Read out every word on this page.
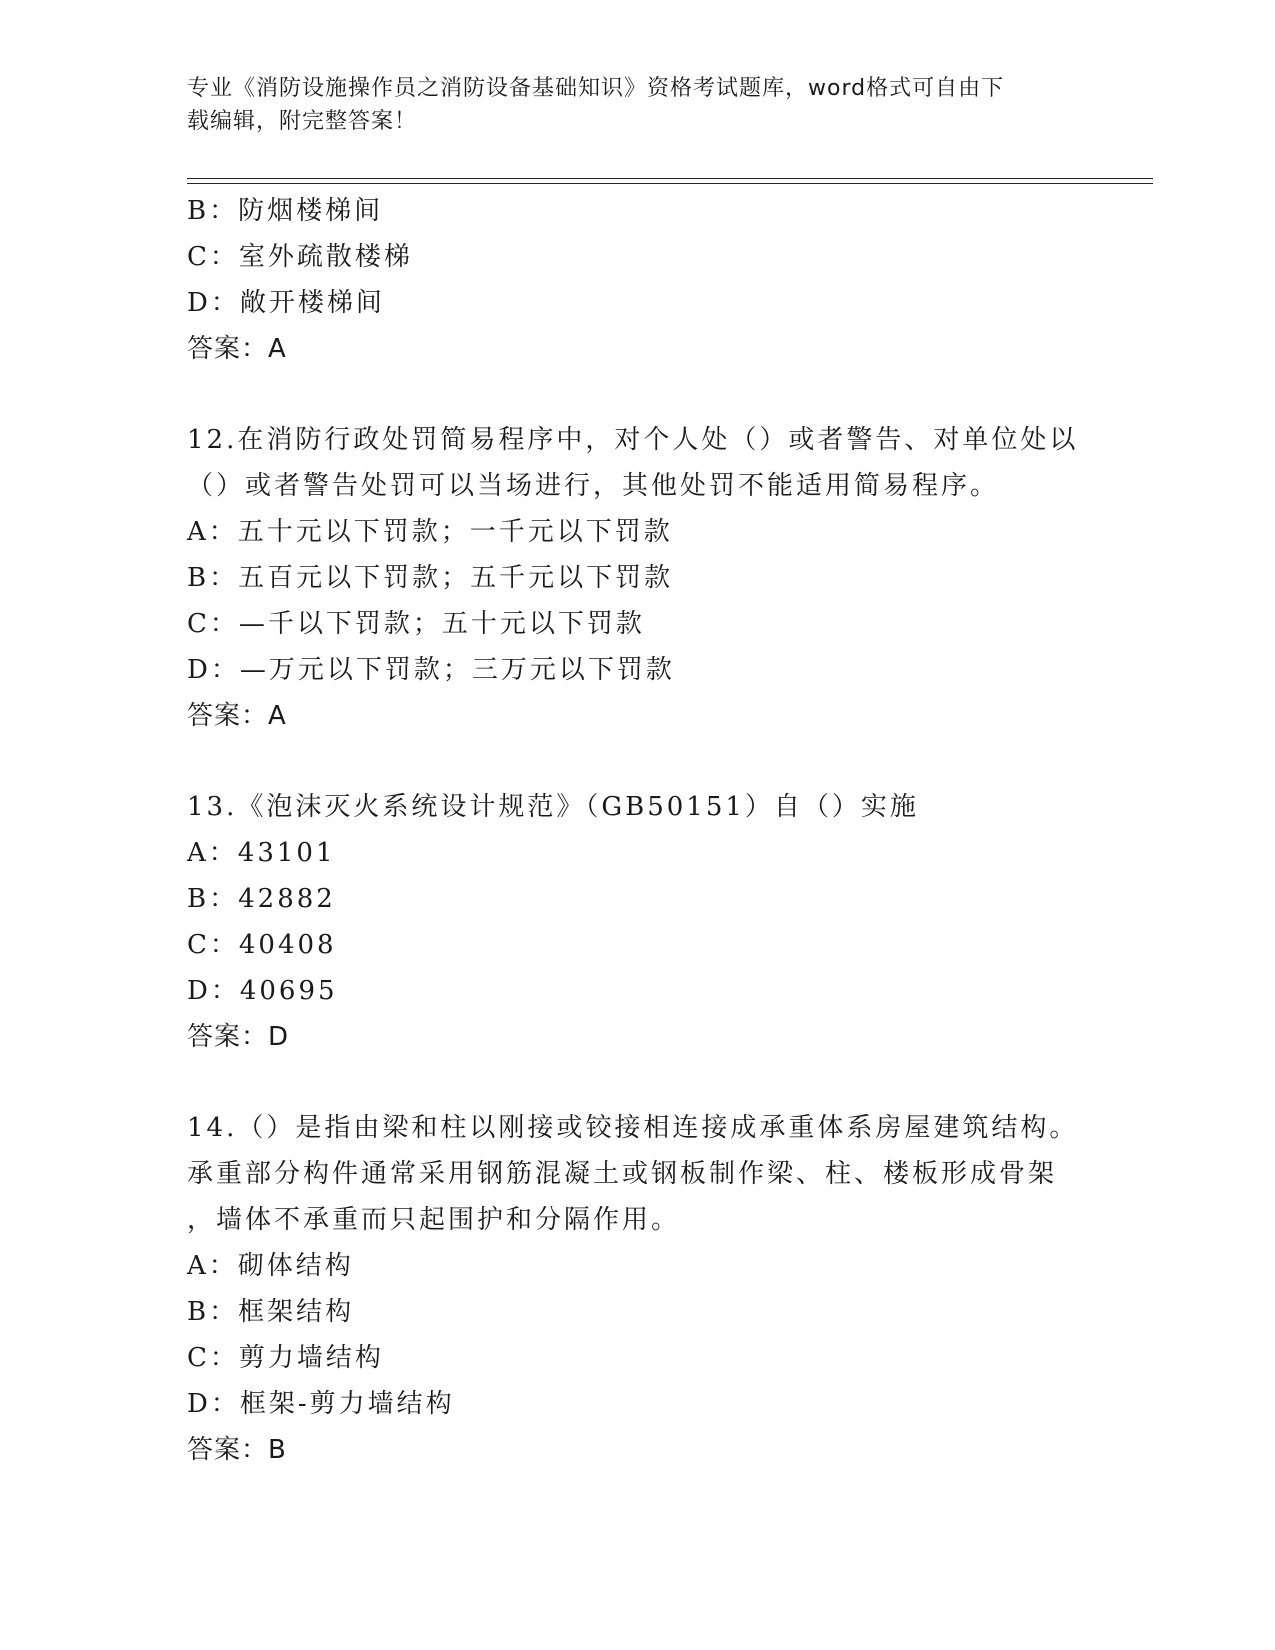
专业《消防设施操作员之消防设备基础知识》资格考试题库，word格式可自由下
载编辑，附完整答案！
B：防烟楼梯间
C：室外疏散楼梯
D：敞开楼梯间
答案：A
12.在消防行政处罚简易程序中，对个人处（）或者警告、对单位处以
（）或者警告处罚可以当场进行，其他处罚不能适用简易程序。
A：五十元以下罚款；一千元以下罚款
B：五百元以下罚款；五千元以下罚款
C：—千以下罚款；五十元以下罚款
D：—万元以下罚款；三万元以下罚款
答案：A
13.《泡沫灭火系统设计规范》（GB50151）自（）实施
A：43101
B：42882
C：40408
D：40695
答案：D
14.（）是指由梁和柱以刚接或铰接相连接成承重体系房屋建筑结构。
承重部分构件通常采用钢筋混凝土或钢板制作梁、柱、楼板形成骨架
，墙体不承重而只起围护和分隔作用。
A：砌体结构
B：框架结构
C：剪力墙结构
D：框架-剪力墙结构
答案：B
